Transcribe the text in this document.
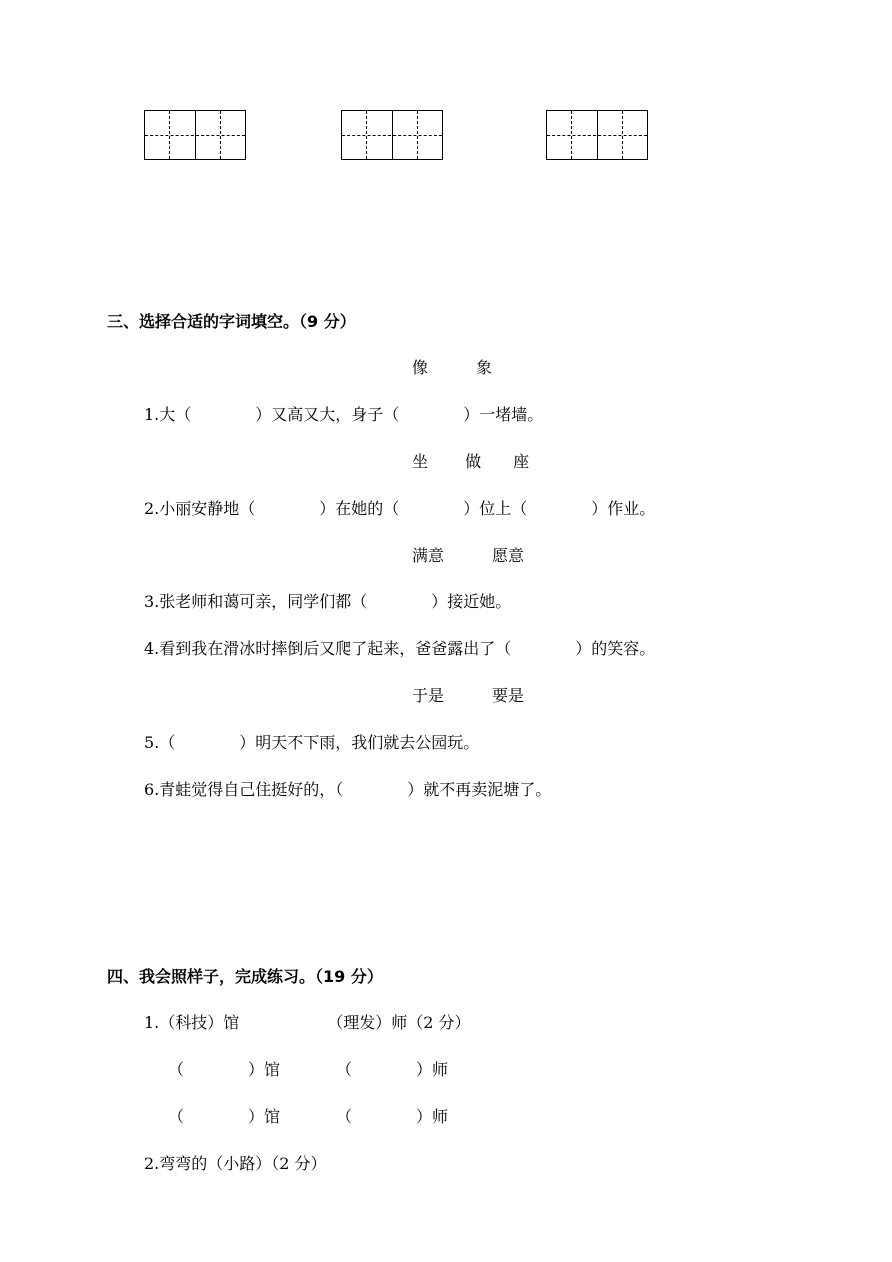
三、选择合适的字词填空。（9 分）
像　　　象
1.大（　　　　）又高又大，身子（　　　　）一堵墙。
坐　　 做　　座
2.小丽安静地（　　　　）在她的（　　　　）位上（　　　　）作业。
满意　　　愿意
3.张老师和蔼可亲，同学们都（　　　　）接近她。
4.看到我在滑冰时摔倒后又爬了起来，爸爸露出了（　　　　）的笑容。
于是　　　要是
5.（　　　　）明天不下雨，我们就去公园玩。
6.青蛙觉得自己住挺好的，（　　　　）就不再卖泥塘了。
四、我会照样子，完成练习。（19 分）
1.（科技）馆　　　　　　（理发）师（2 分）
（　　　　）馆　　　　（　　　　）师
（　　　　）馆　　　　（　　　　）师
2.弯弯的（小路）（2 分）
